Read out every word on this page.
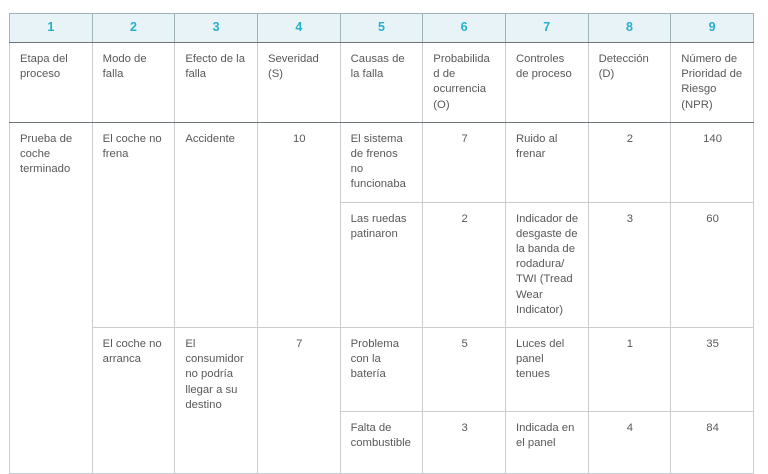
1	2	3	4	5	6	7	8	9
Etapa del proceso	Modo de falla	Efecto de la falla	Severidad (S)	Causas de la falla	Probabilidad de ocurrencia (O)	Controles de proceso	Detección (D)	Número de Prioridad de Riesgo (NPR)
Prueba de coche terminado	El coche no frena	Accidente	10	El sistema de frenos no funcionaba	7	Ruido al frenar	2	140
				Las ruedas patinaron	2	Indicador de desgaste de la banda de rodadura/ TWI (Tread Wear Indicator)	3	60
	El coche no arranca	El consumidor no podría llegar a su destino	7	Problema con la batería	5	Luces del panel tenues	1	35
				Falta de combustible	3	Indicada en el panel	4	84
